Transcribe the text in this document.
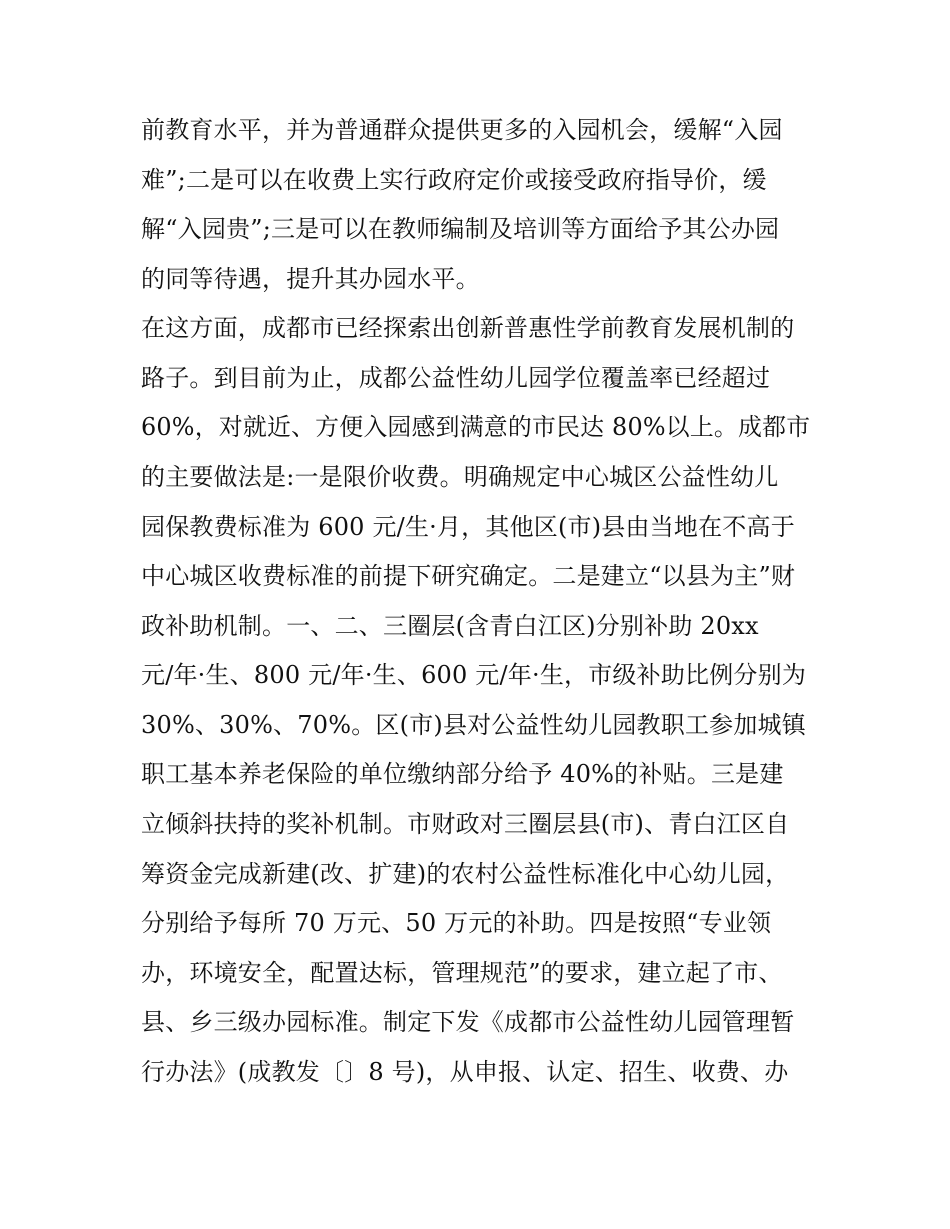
前教育水平，并为普通群众提供更多的入园机会，缓解“入园
难”;二是可以在收费上实行政府定价或接受政府指导价，缓
解“入园贵”;三是可以在教师编制及培训等方面给予其公办园
的同等待遇，提升其办园水平。
在这方面，成都市已经探索出创新普惠性学前教育发展机制的
路子。到目前为止，成都公益性幼儿园学位覆盖率已经超过
60%，对就近、方便入园感到满意的市民达 80%以上。成都市
的主要做法是:一是限价收费。明确规定中心城区公益性幼儿
园保教费标准为 600 元/生·月，其他区(市)县由当地在不高于
中心城区收费标准的前提下研究确定。二是建立“以县为主”财
政补助机制。一、二、三圈层(含青白江区)分别补助 20xx
元/年·生、800 元/年·生、600 元/年·生，市级补助比例分别为
30%、30%、70%。区(市)县对公益性幼儿园教职工参加城镇
职工基本养老保险的单位缴纳部分给予 40%的补贴。三是建
立倾斜扶持的奖补机制。市财政对三圈层县(市)、青白江区自
筹资金完成新建(改、扩建)的农村公益性标准化中心幼儿园，
分别给予每所 70 万元、50 万元的补助。四是按照“专业领
办，环境安全，配置达标，管理规范”的要求，建立起了市、
县、乡三级办园标准。制定下发《成都市公益性幼儿园管理暂
行办法》(成教发〔〕8 号)，从申报、认定、招生、收费、办
